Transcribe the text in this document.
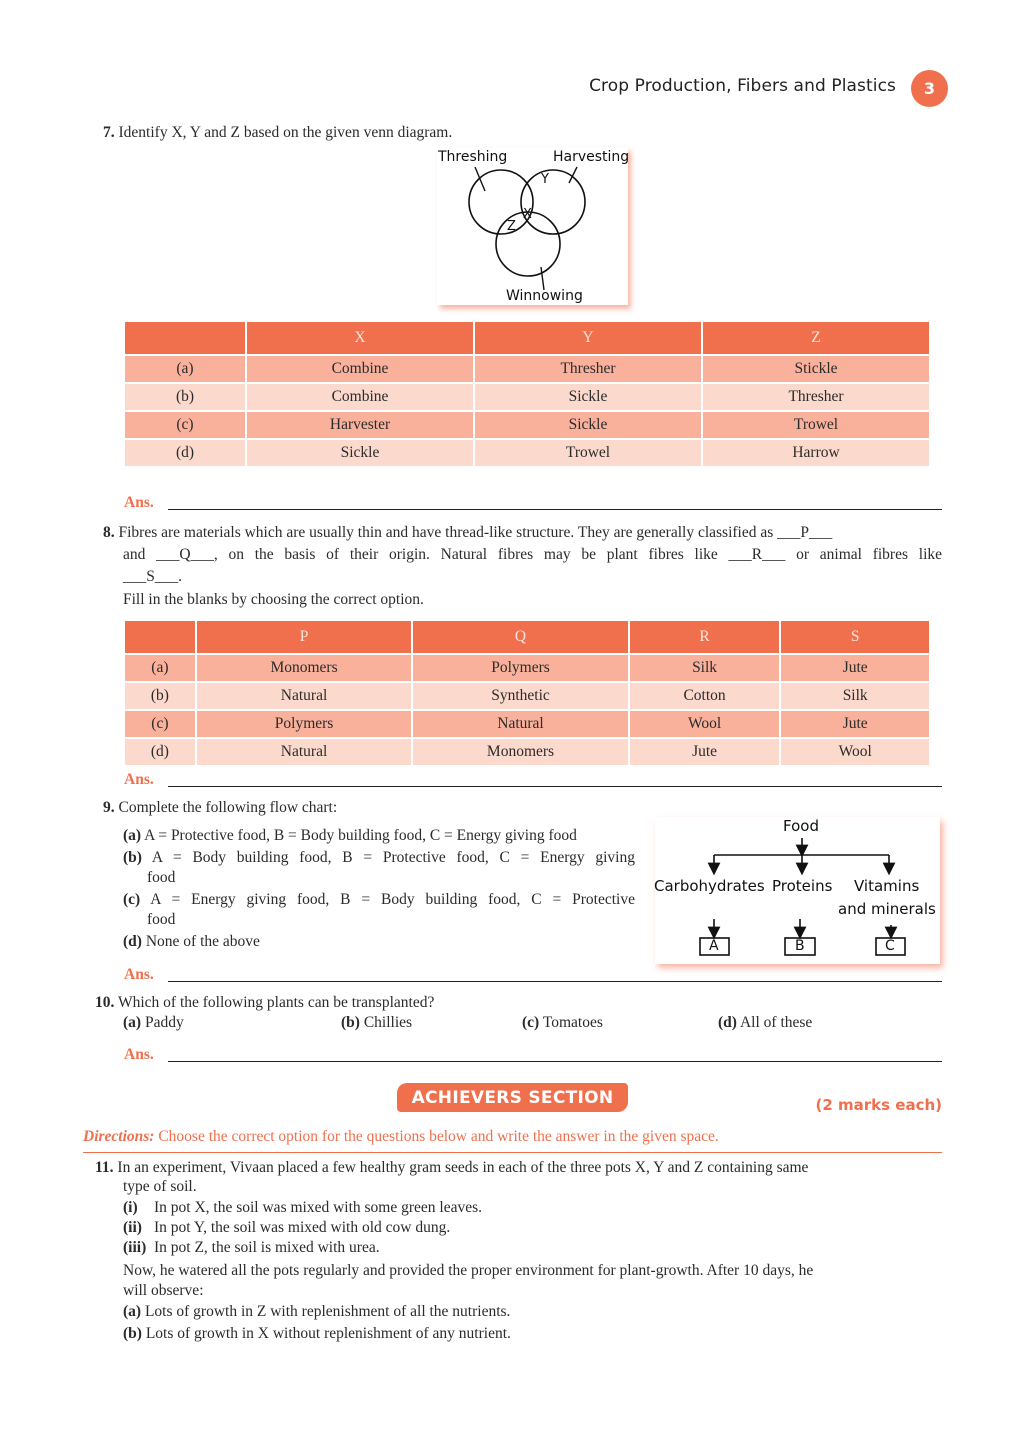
Crop Production, Fibers and Plastics	3
7. Identify X, Y and Z based on the given venn diagram.
Threshing	Harvesting
Winnowing
X
Y
Z
	X	Y	Z
(a)	Combine	Thresher	Stickle
(b)	Combine	Sickle	Thresher
(c)	Harvester	Sickle	Trowel
(d)	Sickle	Trowel	Harrow
Ans.
8. Fibres are materials which are usually thin and have thread-like structure. They are generally classified as ___P___
and ___Q___, on the basis of their origin. Natural fibres may be plant fibres like ___R___ or animal fibres like
___S___.
Fill in the blanks by choosing the correct option.
	P	Q	R	S
(a)	Monomers	Polymers	Silk	Jute
(b)	Natural	Synthetic	Cotton	Silk
(c)	Polymers	Natural	Wool	Jute
(d)	Natural	Monomers	Jute	Wool
Ans.
9. Complete the following flow chart:
(a) A = Protective food, B = Body building food, C = Energy giving food
(b) A = Body building food, B = Protective food, C = Energy giving
food
(c) A = Energy giving food, B = Body building food, C = Protective
food
(d) None of the above
Food
Carbohydrates Proteins Vitamins
and minerals
A	B	C
Ans.
10. Which of the following plants can be transplanted?
(a) Paddy	(b) Chillies	(c) Tomatoes	(d) All of these
Ans.
ACHIEVERS SECTION	(2 marks each)
Directions: Choose the correct option for the questions below and write the answer in the given space.
11. In an experiment, Vivaan placed a few healthy gram seeds in each of the three pots X, Y and Z containing same
type of soil.
(i) In pot X, the soil was mixed with some green leaves.
(ii) In pot Y, the soil was mixed with old cow dung.
(iii) In pot Z, the soil is mixed with urea.
Now, he watered all the pots regularly and provided the proper environment for plant-growth. After 10 days, he
will observe:
(a) Lots of growth in Z with replenishment of all the nutrients.
(b) Lots of growth in X without replenishment of any nutrient.
